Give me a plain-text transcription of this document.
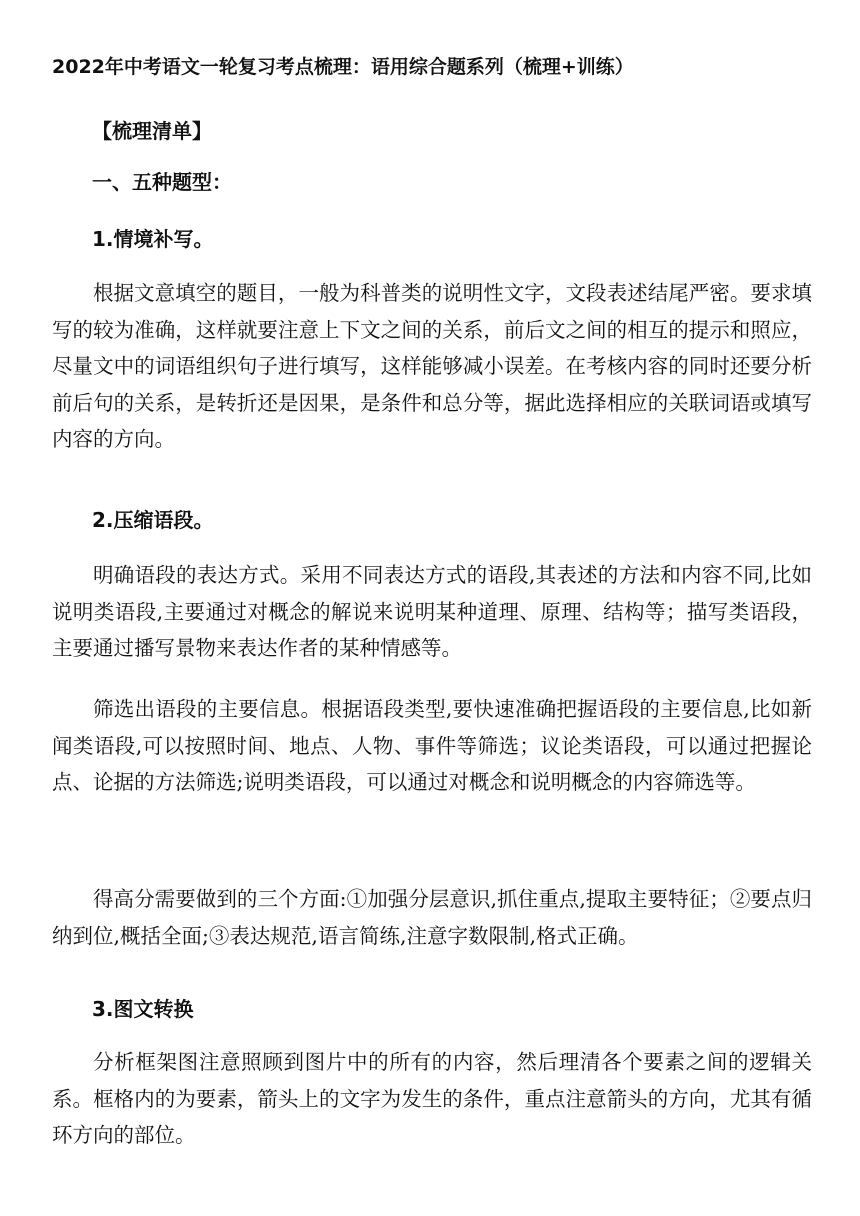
2022年中考语文一轮复习考点梳理：语用综合题系列（梳理+训练）
【梳理清单】
一、五种题型：
1.情境补写。

根据文意填空的题目，一般为科普类的说明性文字，文段表述结尾严密。要求填写的较为准确，这样就要注意上下文之间的关系，前后文之间的相互的提示和照应，尽量文中的词语组织句子进行填写，这样能够减小误差。在考核内容的同时还要分析前后句的关系，是转折还是因果，是条件和总分等，据此选择相应的关联词语或填写内容的方向。

2.压缩语段。

明确语段的表达方式。采用不同表达方式的语段,其表述的方法和内容不同,比如说明类语段,主要通过对概念的解说来说明某种道理、原理、结构等；描写类语段，主要通过播写景物来表达作者的某种情感等。

筛选出语段的主要信息。根据语段类型,要快速准确把握语段的主要信息,比如新闻类语段,可以按照时间、地点、人物、事件等筛选；议论类语段，可以通过把握论点、论据的方法筛选;说明类语段，可以通过对概念和说明概念的内容筛选等。

得高分需要做到的三个方面:①加强分层意识,抓住重点,提取主要特征；②要点归纳到位,概括全面;③表达规范,语言简练,注意字数限制,格式正确。

3.图文转换

分析框架图注意照顾到图片中的所有的内容，然后理清各个要素之间的逻辑关系。框格内的为要素，箭头上的文字为发生的条件，重点注意箭头的方向，尤其有循环方向的部位。
